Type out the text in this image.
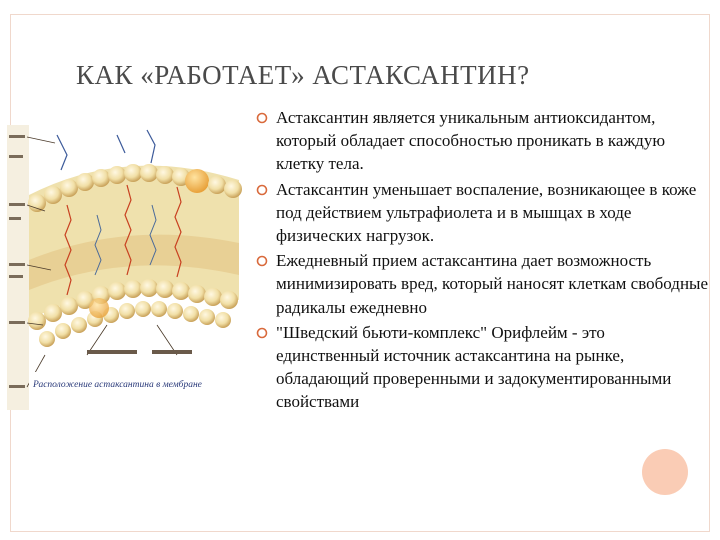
КАК «РАБОТАЕТ» АСТАКСАНТИН?
Расположение астаксантина в мембране
Астаксантин является уникальным антиоксидантом, который обладает способностью проникать в каждую клетку тела.
Астаксантин уменьшает воспаление, возникающее в коже под действием ультрафиолета и в мышцах в ходе физических нагрузок.
Ежедневный прием астаксантина дает возможность минимизировать вред, который наносят клеткам свободные радикалы ежедневно
"Шведский бьюти-комплекс" Орифлейм - это единственный источник астаксантина на рынке, обладающий проверенными и задокументированными свойствами
